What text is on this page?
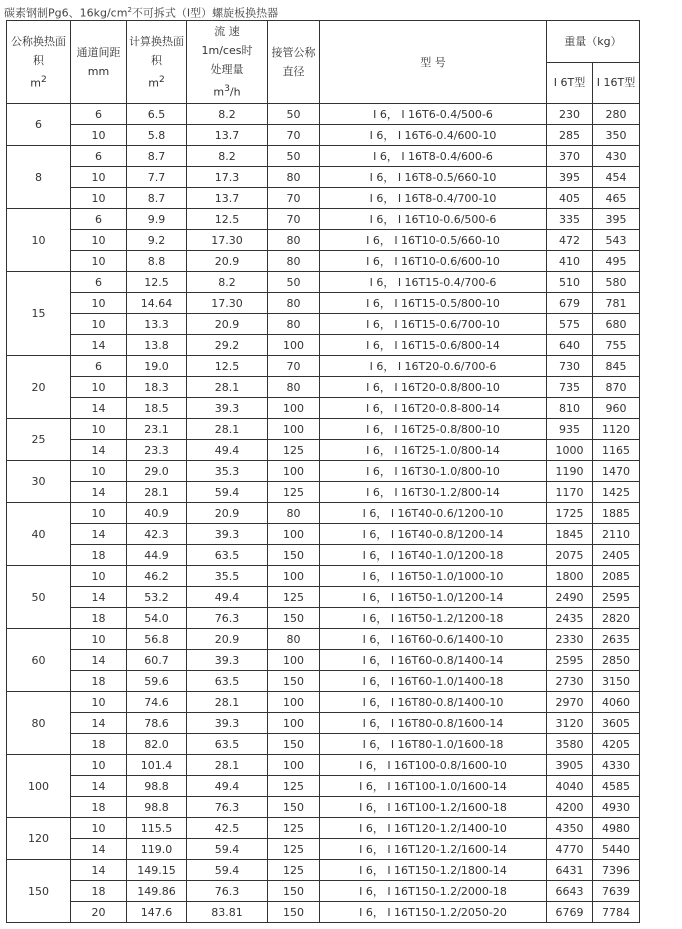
碳素钢制Pg6、$16kg/cm^2$不可拆式（I型）螺旋板换热器
公称换热面积
$m^2$	通道间距
mm	计算换热面积
$m^2$	流 速
1m/ces时
处理量
$m^3/h$	接管公称直径	型 号	重量（kg）	
						I 6T型	I 16T型
6	6	6.5	8.2	50	I 6， I 16T6-0.4/500-6	230	280
	10	5.8	13.7	70	I 6， I 16T6-0.4/600-10	285	350
8	6	8.7	8.2	50	I 6， I 16T8-0.4/600-6	370	430
	10	7.7	17.3	80	I 6， I 16T8-0.5/660-10	395	454
	10	8.7	13.7	70	I 6， I 16T8-0.4/700-10	405	465
10	6	9.9	12.5	70	I 6， I 16T10-0.6/500-6	335	395
	10	9.2	17.30	80	I 6， I 16T10-0.5/660-10	472	543
	10	8.8	20.9	80	I 6， I 16T10-0.6/600-10	410	495
15	6	12.5	8.2	50	I 6， I 16T15-0.4/700-6	510	580
	10	14.64	17.30	80	I 6， I 16T15-0.5/800-10	679	781
	10	13.3	20.9	80	I 6， I 16T15-0.6/700-10	575	680
	14	13.8	29.2	100	I 6， I 16T15-0.6/800-14	640	755
20	6	19.0	12.5	70	I 6， I 16T20-0.6/700-6	730	845
	10	18.3	28.1	80	I 6， I 16T20-0.8/800-10	735	870
	14	18.5	39.3	100	I 6， I 16T20-0.8-800-14	810	960
25	10	23.1	28.1	100	I 6， I 16T25-0.8/800-10	935	1120
	14	23.3	49.4	125	I 6， I 16T25-1.0/800-14	1000	1165
30	10	29.0	35.3	100	I 6， I 16T30-1.0/800-10	1190	1470
	14	28.1	59.4	125	I 6， I 16T30-1.2/800-14	1170	1425
40	10	40.9	20.9	80	I 6， I 16T40-0.6/1200-10	1725	1885
	14	42.3	39.3	100	I 6， I 16T40-0.8/1200-14	1845	2110
	18	44.9	63.5	150	I 6， I 16T40-1.0/1200-18	2075	2405
50	10	46.2	35.5	100	I 6， I 16T50-1.0/1000-10	1800	2085
	14	53.2	49.4	125	I 6， I 16T50-1.0/1200-14	2490	2595
	18	54.0	76.3	150	I 6， I 16T50-1.2/1200-18	2435	2820
60	10	56.8	20.9	80	I 6， I 16T60-0.6/1400-10	2330	2635
	14	60.7	39.3	100	I 6， I 16T60-0.8/1400-14	2595	2850
	18	59.6	63.5	150	I 6， I 16T60-1.0/1400-18	2730	3150
80	10	74.6	28.1	100	I 6， I 16T80-0.8/1400-10	2970	4060
	14	78.6	39.3	100	I 6， I 16T80-0.8/1600-14	3120	3605
	18	82.0	63.5	150	I 6， I 16T80-1.0/1600-18	3580	4205
100	10	101.4	28.1	100	I 6， I 16T100-0.8/1600-10	3905	4330
	14	98.8	49.4	125	I 6， I 16T100-1.0/1600-14	4040	4585
	18	98.8	76.3	150	I 6， I 16T100-1.2/1600-18	4200	4930
120	10	115.5	42.5	125	I 6， I 16T120-1.2/1400-10	4350	4980
	14	119.0	59.4	125	I 6， I 16T120-1.2/1600-14	4770	5440
150	14	149.15	59.4	125	I 6， I 16T150-1.2/1800-14	6431	7396
	18	149.86	76.3	150	I 6， I 16T150-1.2/2000-18	6643	7639
	20	147.6	83.81	150	I 6， I 16T150-1.2/2050-20	6769	7784
